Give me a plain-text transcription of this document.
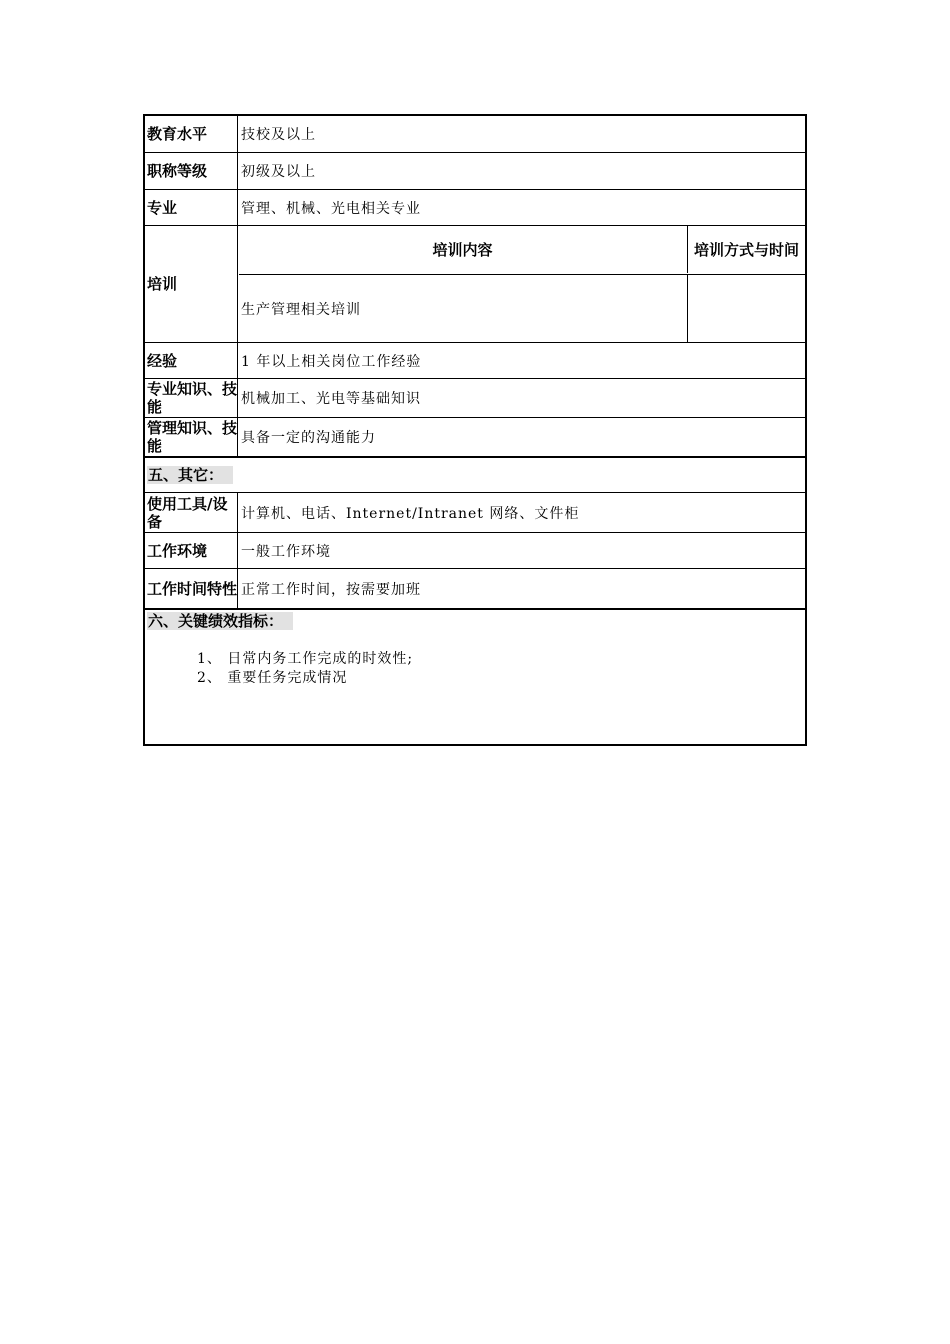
教育水平 技校及以上
职称等级 初级及以上
专业	管理、机械、光电相关专业
培训
培训内容	培训方式与时间
生产管理相关培训
经验	1 年以上相关岗位工作经验
专业知识、技能	机械加工、光电等基础知识
管理知识、技能	具备一定的沟通能力
五、其它：
使用工具/设备	计算机、电话、Internet/Intranet 网络、文件柜
工作环境 一般工作环境
工作时间特性 正常工作时间，按需要加班
六、关键绩效指标：
1、 日常内务工作完成的时效性;
2、 重要任务完成情况
